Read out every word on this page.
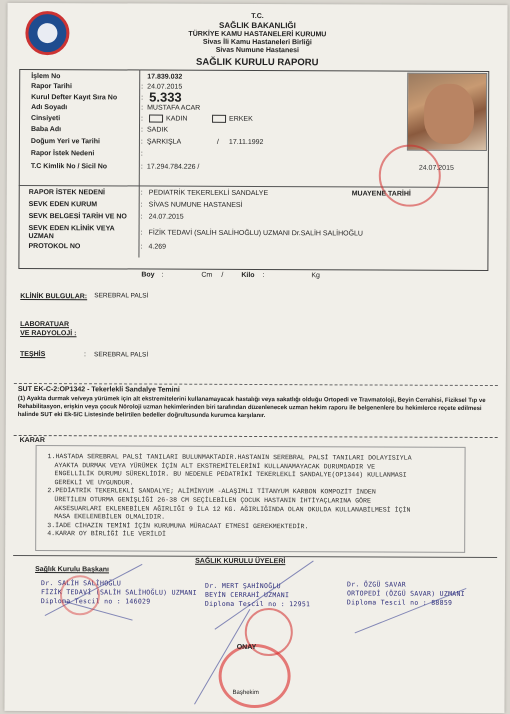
T.C.
SAĞLIK BAKANLIĞI
TÜRKİYE KAMU HASTANELERİ KURUMU
Sivas İli Kamu Hastaneleri Birliği
Sivas Numune Hastanesi
SAĞLIK KURULU RAPORU
İşlem No	17.839.032
Rapor Tarihi	: 24.07.2015
Kurul Defter Kayıt Sıra No	: 5.333
Adı Soyadı	: MUSTAFA ACAR
Cinsiyeti	:	KADIN	ERKEK
Baba Adı	: SADIK
Doğum Yeri ve Tarihi	: ŞARKIŞLA	/ 17.11.1992
Rapor İstek Nedeni	:
T.C Kimlik No / Sicil No	: 17.294.784.226 /	24.07.2015
RAPOR İSTEK NEDENİ	: PEDIATRİK TEKERLEKLİ SANDALYE	MUAYENE TARİHİ
SEVK EDEN KURUM	: SİVAS NUMUNE HASTANESİ
SEVK BELGESİ TARİH VE NO : 24.07.2015
SEVK EDEN KLİNİK VEYA UZMAN
: FİZİK TEDAVİ (SALİH SALİHOĞLU) UZMANI Dr.SALİH SALİHOĞLU
PROTOKOL NO	: 4.269
Boy :	Cm /	Kilo :	Kg
KLİNİK BULGULAR: SEREBRAL PALSİ
LABORATUAR
VE RADYOLOJİ :
TEŞHİS	: SEREBRAL PALSİ
SUT EK-C-2:OP1342 - Tekerlekli Sandalye Temini
(1) Ayakta durmak ve/veya yürümek için alt ekstremitelerini kullanamayacak hastalığı veya sakatlığı olduğu Ortopedi ve Travmatoloji, Beyin Cerrahisi, Fiziksel Tıp ve Rehabilitasyon, erişkin veya çocuk Nöroloji uzman hekimlerinden biri tarafından düzenlenecek uzman hekim raporu ile belgenenlere bu hekimlerce reçete edilmesi halinde SUT eki Ek-5/C Listesinde belirtilen bedeller doğrultusunda kurumca karşılanır.
KARAR
1.HASTADA SEREBRAL PALSİ TANILARI BULUNMAKTADIR.HASTANIN SEREBRAL PALSİ TANILARI DOLAYISIYLA
AYAKTA DURMAK VEYA YÜRÜMEK İÇİN ALT EKSTREMİTELERİNİ KULLANAMAYACAK DURUMDADIR VE
ENGELLİLİK DURUMU SÜREKLİDİR. BU NEDENLE PEDATRİKİ TEKERLEKLİ SANDALYE(OP1344) KULLANMASI
GEREKLİ VE UYGUNDUR.
2.PEDİATRİK TEKERLEKLİ SANDALYE; ALİMİNYUM -ALAŞIMLI TİTANYUM KARBON KOMPOZİT İNDEN
ÜRETİLEN OTURMA GENİŞLİĞİ 26-38 CM SEÇİLEBİLEN ÇOCUK HASTANIN İHTİYAÇLARINA GÖRE
AKSESUARLARI EKLENEBİLEN AĞIRLIĞI 9 İLA 12 KG. AĞIRLIĞINDA OLAN OKULDA KULLANABİLMESİ İÇİN
MASA EKELENEBİLEN OLMALIDIR.
3.İADE CİHAZIN TEMİNİ İÇİN KURUMUNA MÜRACAAT ETMESİ GEREKMEKTEDİR.
4.KARAR OY BİRLİĞİ İLE VERİLDİ
SAĞLIK KURULU ÜYELERİ
Sağlık Kurulu Başkanı
Dr. SALİH SALİHOĞLU
FİZİK TEDAVİ (SALİH SALİHOĞLU) UZMANI
Diploma Tescil no : 146029
Dr. MERT ŞAHİNOĞLU
BEYİN CERRAHİ UZMANI
Diploma Tescil no : 12951
Dr. ÖZGÜ SAVAR
ORTOPEDİ (ÖZGÜ SAVAR) UZMANI
Diploma Tescil no : 88859
ONAY
Başhekim
